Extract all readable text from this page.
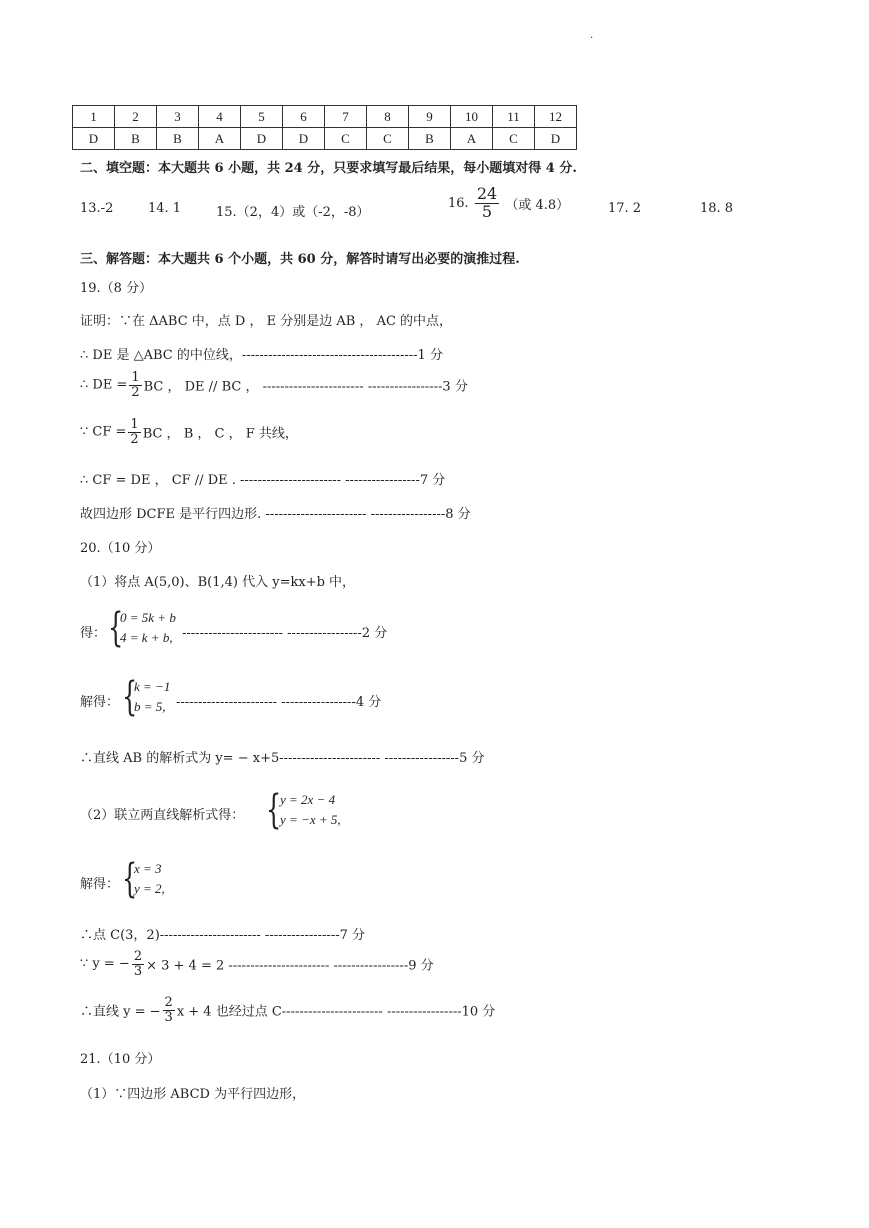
.
1	2	3	4	5	6	7	8	9	10	11	12
D	B	B	A	D	D	C	C	B	A	C	D
二、填空题：本大题共 6 小题，共 24 分，只要求填写最后结果，每小题填对得 4 分.
13.-2	14. 1	15.（2，4）或（-2，-8）
16. $\frac{24}{5}$ （或 4.8）	17. 2	18. 8
三、解答题：本大题共 6 个小题，共 60 分，解答时请写出必要的演推过程.
19.（8 分）
证明：∵在 ΔABC 中，点 D ， E 分别是边 AB ， AC 的中点，
∴ DE 是 △ABC 的中位线，----------------------------------------1 分
∴ DE = $\frac{1}{2}$ BC ， DE // BC ， ----------------------- -----------------3 分
∵ CF = $\frac{1}{2}$ BC ， B ， C ， F 共线，
∴ CF = DE ， CF // DE . ----------------------- -----------------7 分
故四边形 DCFE 是平行四边形. ----------------------- -----------------8 分
20.（10 分）
（1）将点 A(5,0)、B(1,4) 代入 y=kx+b 中，
得： {
0 = 5k + b
4 = k + b, ----------------------- -----------------2 分
解得： {
k = −1
b = 5, ----------------------- -----------------4 分
∴直线 AB 的解析式为 y= − x+5----------------------- -----------------5 分
（2）联立两直线解析式得： {
y = 2x − 4
y = −x + 5,
解得： {
x = 3
y = 2,
∴点 C(3，2)----------------------- -----------------7 分
∵ y = − $\frac{2}{3} \times 3 + 4 = 2$ ----------------------- -----------------9 分
∴直线 y = − $\frac{2}{3}$ x + 4 也经过点 C----------------------- -----------------10 分
21.（10 分）
（1）∵四边形 ABCD 为平行四边形，
